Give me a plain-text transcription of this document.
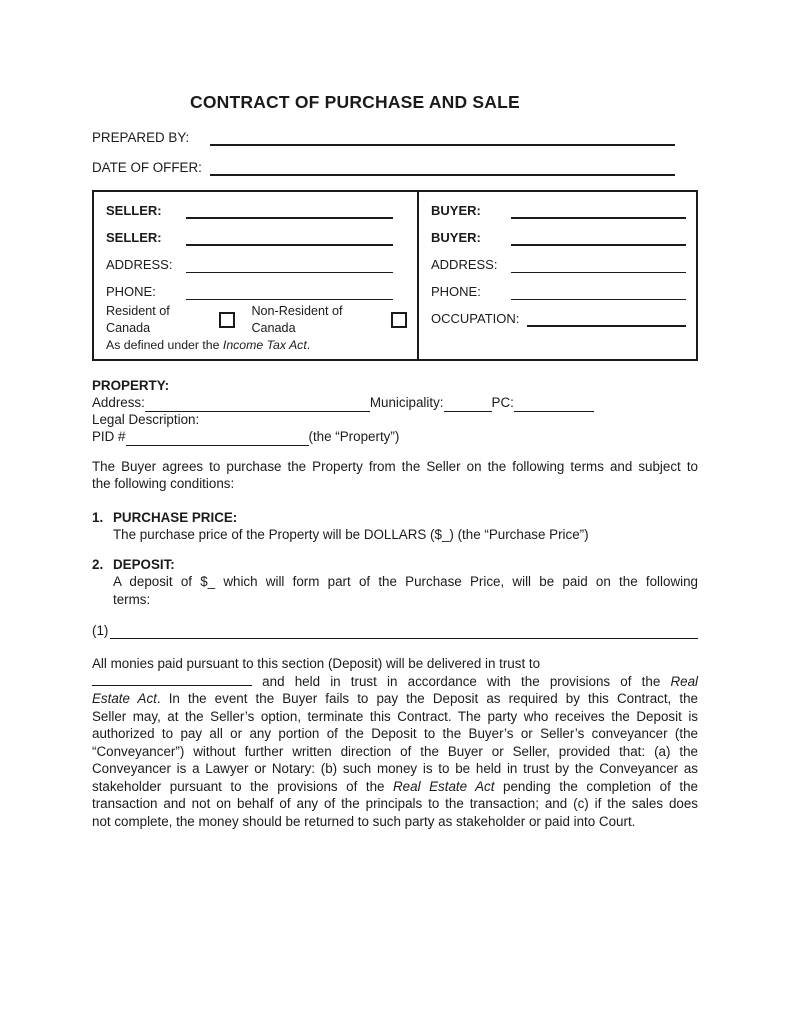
CONTRACT OF PURCHASE AND SALE
PREPARED BY:
DATE OF OFFER:
SELLER:
SELLER:
ADDRESS:
PHONE:
Resident of Canada
Non-Resident of Canada
As defined under the Income Tax Act.
BUYER:
BUYER:
ADDRESS:
PHONE:
OCCUPATION:
PROPERTY:
Address:	Municipality:	PC:
Legal Description:
PID #	(the “Property”)
The Buyer agrees to purchase the Property from the Seller on the following terms and subject to
the following conditions:
1. PURCHASE PRICE:
The purchase price of the Property will be DOLLARS ($_) (the “Purchase Price”)
2. DEPOSIT:
A deposit of $_ which will form part of the Purchase Price, will be paid on the following
terms:
(1)
All monies paid pursuant to this section (Deposit) will be delivered in trust to
and held in trust in accordance with the provisions of the Real
Estate Act. In the event the Buyer fails to pay the Deposit as required by this Contract, the
Seller may, at the Seller’s option, terminate this Contract. The party who receives the Deposit is
authorized to pay all or any portion of the Deposit to the Buyer’s or Seller’s conveyancer (the
“Conveyancer”) without further written direction of the Buyer or Seller, provided that: (a) the
Conveyancer is a Lawyer or Notary: (b) such money is to be held in trust by the Conveyancer as
stakeholder pursuant to the provisions of the Real Estate Act pending the completion of the
transaction and not on behalf of any of the principals to the transaction; and (c) if the sales does
not complete, the money should be returned to such party as stakeholder or paid into Court.
